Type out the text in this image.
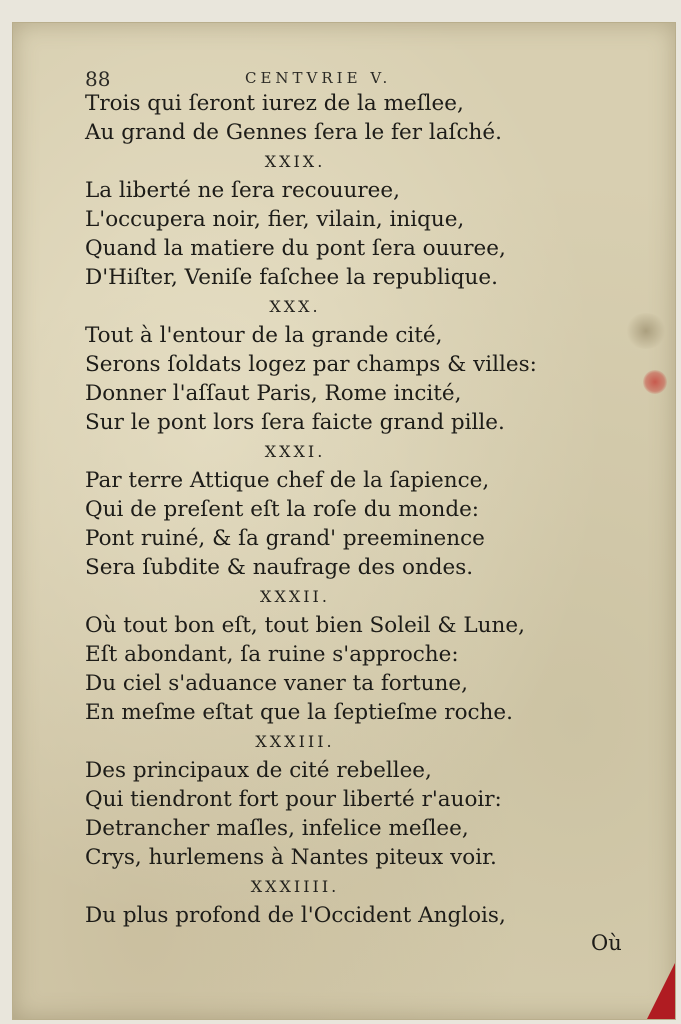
88	CENTVRIE V.
Trois qui ſeront iurez de la meſlee,
Au grand de Gennes ſera le fer laſché.
XXIX.
La liberté ne ſera recouuree,
L'occupera noir, fier, vilain, inique,
Quand la matiere du pont ſera ouuree,
D'Hiſter, Veniſe faſchee la republique.
XXX.
Tout à l'entour de la grande cité,
Serons ſoldats logez par champs & villes:
Donner l'aſſaut Paris, Rome incité,
Sur le pont lors ſera faicte grand pille.
XXXI.
Par terre Attique chef de la ſapience,
Qui de preſent eſt la roſe du monde:
Pont ruiné, & ſa grand' preeminence
Sera ſubdite & naufrage des ondes.
XXXII.
Où tout bon eſt, tout bien Soleil & Lune,
Eſt abondant, ſa ruine s'approche:
Du ciel s'aduance vaner ta fortune,
En meſme eſtat que la ſeptieſme roche.
XXXIII.
Des principaux de cité rebellee,
Qui tiendront fort pour liberté r'auoir:
Detrancher maſles, infelice meſlee,
Crys, hurlemens à Nantes piteux voir.
XXXIIII.
Du plus profond de l'Occident Anglois,
Où
